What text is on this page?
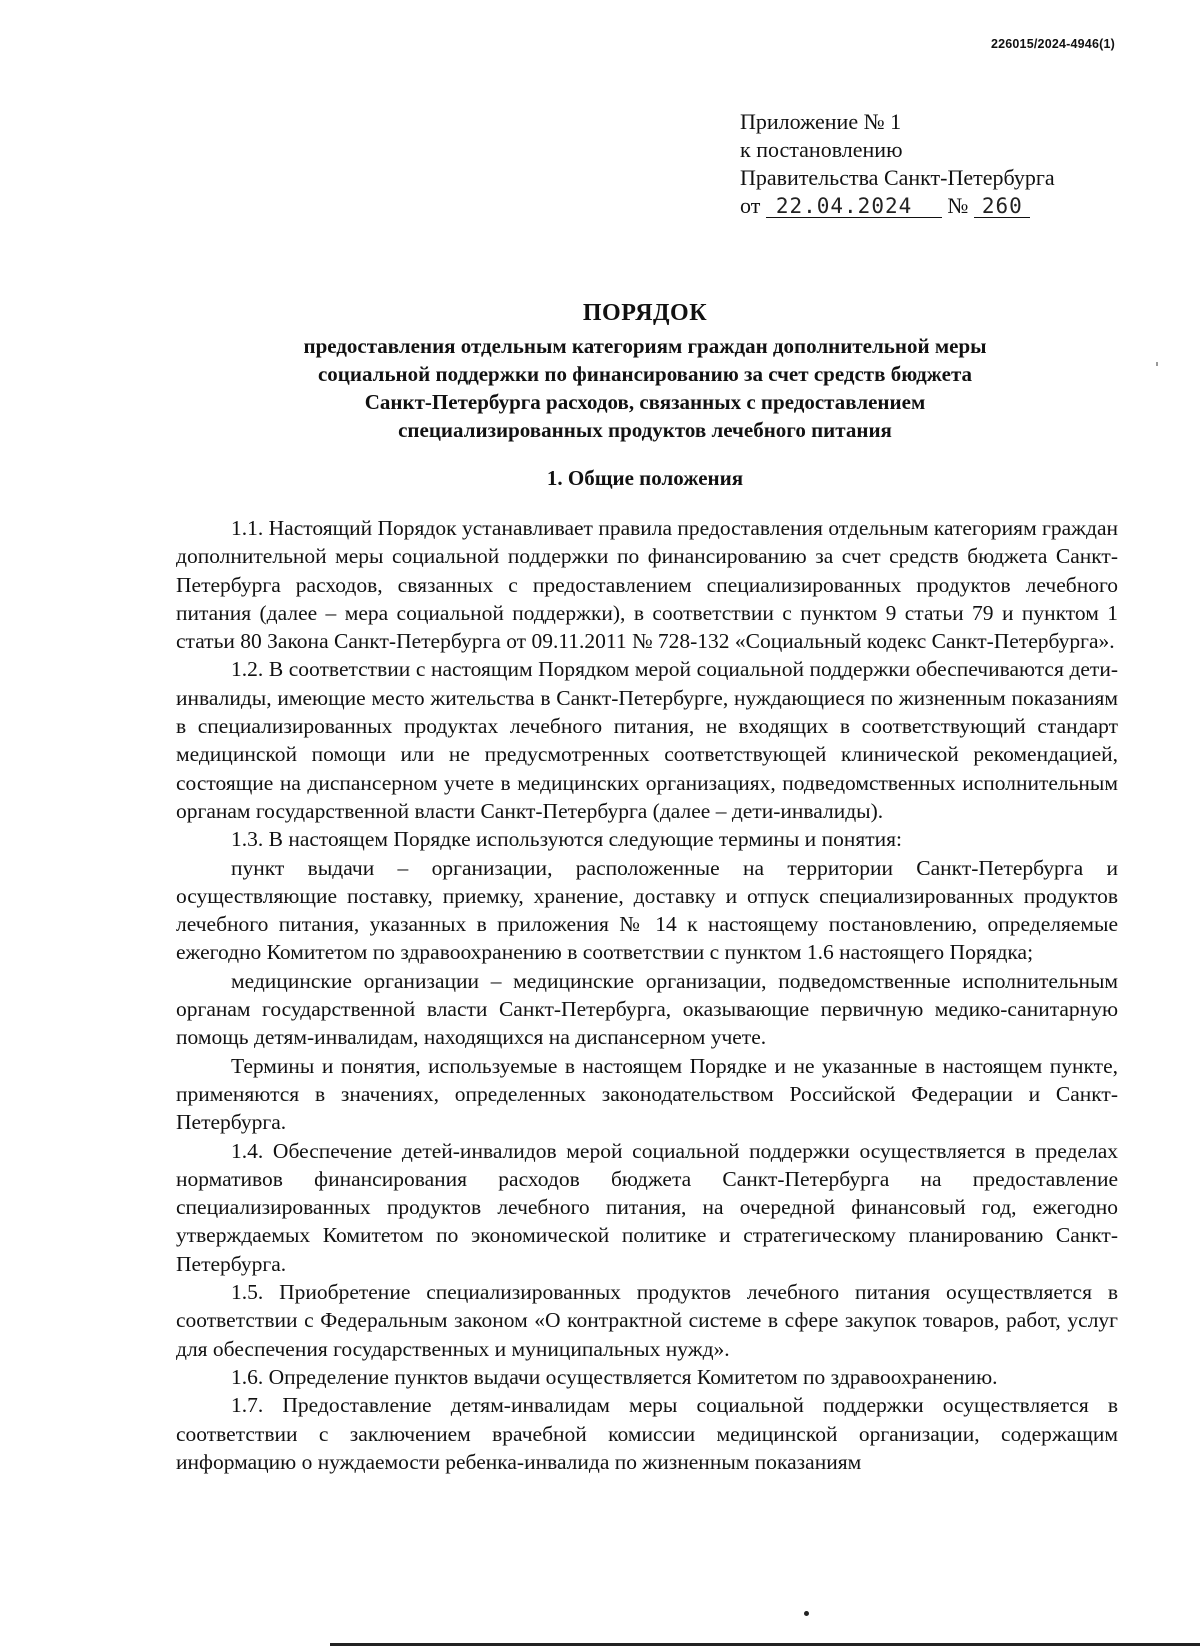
226015/2024-4946(1)
Приложение № 1
к постановлению
Правительства Санкт-Петербурга
от 22.04.2024 № 260
ПОРЯДОК
предоставления отдельным категориям граждан дополнительной меры
социальной поддержки по финансированию за счет средств бюджета
Санкт-Петербурга расходов, связанных с предоставлением
специализированных продуктов лечебного питания
1. Общие положения

1.1. Настоящий Порядок устанавливает правила предоставления отдельным категориям граждан дополнительной меры социальной поддержки по финансированию за счет средств бюджета Санкт-Петербурга расходов, связанных с предоставлением специализированных продуктов лечебного питания (далее – мера социальной поддержки), в соответствии с пунктом 9 статьи 79 и пунктом 1 статьи 80 Закона Санкт-Петербурга от 09.11.2011 № 728-132 «Социальный кодекс Санкт-Петербурга».

1.2. В соответствии с настоящим Порядком мерой социальной поддержки обеспечиваются дети-инвалиды, имеющие место жительства в Санкт-Петербурге, нуждающиеся по жизненным показаниям в специализированных продуктах лечебного питания, не входящих в соответствующий стандарт медицинской помощи или не предусмотренных соответствующей клинической рекомендацией, состоящие на диспансерном учете в медицинских организациях, подведомственных исполнительным органам государственной власти Санкт-Петербурга (далее – дети-инвалиды).

1.3. В настоящем Порядке используются следующие термины и понятия:

пункт выдачи – организации, расположенные на территории Санкт-Петербурга и осуществляющие поставку, приемку, хранение, доставку и отпуск специализированных продуктов лечебного питания, указанных в приложения № 14 к настоящему постановлению, определяемые ежегодно Комитетом по здравоохранению в соответствии с пунктом 1.6 настоящего Порядка;

медицинские организации – медицинские организации, подведомственные исполнительным органам государственной власти Санкт-Петербурга, оказывающие первичную медико-санитарную помощь детям-инвалидам, находящихся на диспансерном учете.

Термины и понятия, используемые в настоящем Порядке и не указанные в настоящем пункте, применяются в значениях, определенных законодательством Российской Федерации и Санкт-Петербурга.

1.4. Обеспечение детей-инвалидов мерой социальной поддержки осуществляется в пределах нормативов финансирования расходов бюджета Санкт-Петербурга на предоставление специализированных продуктов лечебного питания, на очередной финансовый год, ежегодно утверждаемых Комитетом по экономической политике и стратегическому планированию Санкт-Петербурга.

1.5. Приобретение специализированных продуктов лечебного питания осуществляется в соответствии с Федеральным законом «О контрактной системе в сфере закупок товаров, работ, услуг для обеспечения государственных и муниципальных нужд».

1.6. Определение пунктов выдачи осуществляется Комитетом по здравоохранению.

1.7. Предоставление детям-инвалидам меры социальной поддержки осуществляется в соответствии с заключением врачебной комиссии медицинской организации, содержащим информацию о нуждаемости ребенка-инвалида по жизненным показаниям
